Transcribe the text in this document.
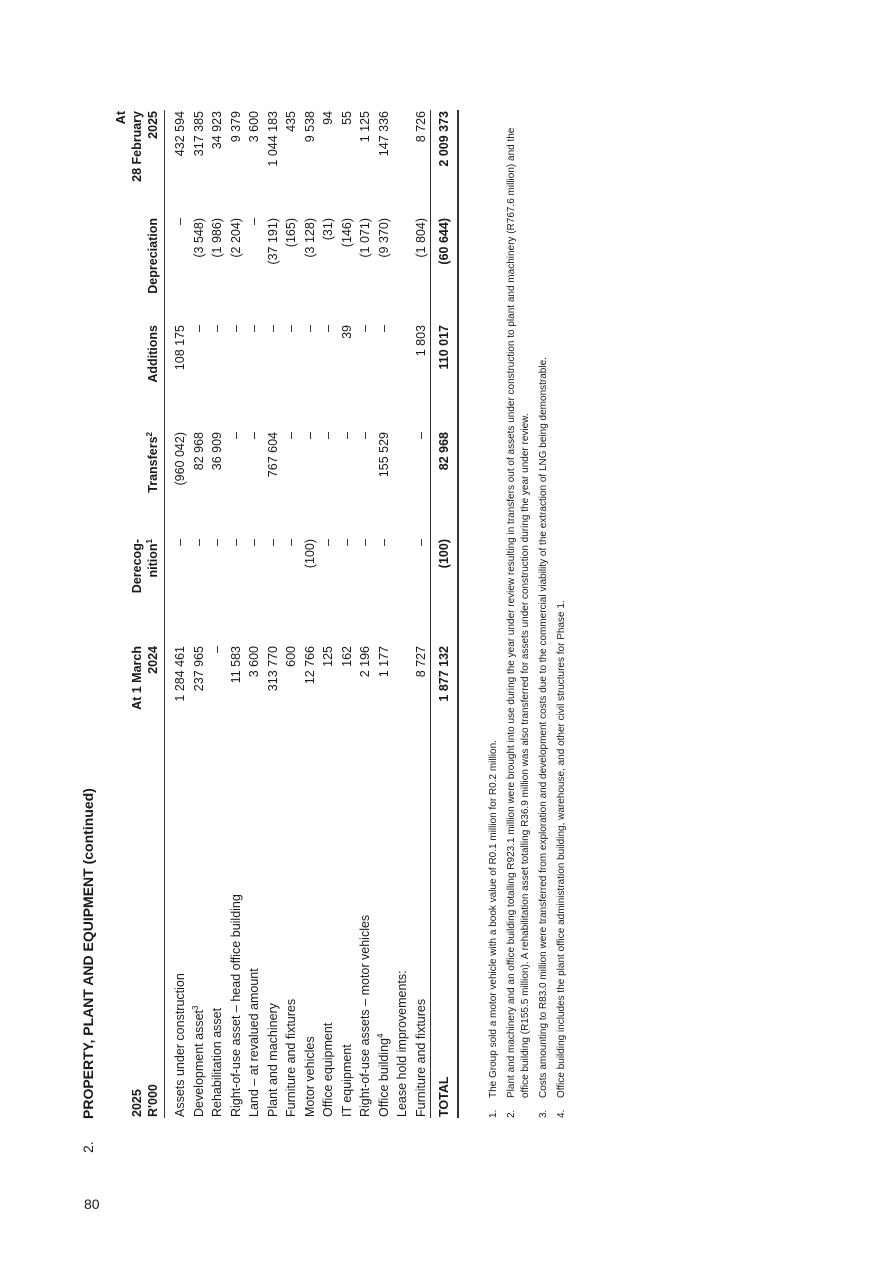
80
2.PROPERTY, PLANT AND EQUIPMENT (continued)	2025 R'000	At 1 March 2024	Derecog- nition$^1$	Transfers$^2$	Additions	Depreciation	At 28 February 2025

Assets under construction	1 284 461	–	(960 042)	108 175	–	432 594
Development asset$^3$	237 965	–	82 968	–	(3 548)	317 385
Rehabilitation asset	–	–	36 909	–	(1 986)	34 923
Right-of-use asset – head office building	11 583	–	–	–	(2 204)	9 379
Land – at revalued amount	3 600	–	–	–	–	3 600
Plant and machinery	313 770	–	767 604	–	(37 191)	1 044 183
Furniture and fixtures	600	–	–	–	(165)	435
Motor vehicles	12 766	(100)	–	–	(3 128)	9 538
Office equipment	125	–	–	–	(31)	94
IT equipment	162	–	–	39	(146)	55
Right-of-use assets – motor vehicles	2 196	–	–	–	(1 071)	1 125
Office building$^4$	1 177	–	155 529	–	(9 370)	147 336
Lease hold improvements:						
Furniture and fixtures	8 727	–	–	1 803	(1 804)	8 726
TOTAL	1 877 132	(100)	82 968	110 017	(60 644)	2 009 373
1.
The Group sold a motor vehicle with a book value of R0.1 million for R0.2 million.
2.
Plant and machinery and an office building totalling R923.1 million were brought into use during the year under review resulting in transfers out of assets under construction to plant and machinery (R767.6 million) and the office building (R155.5 million). A rehabilitation asset totalling R36.9 million was also transferred for assets under construction during the year under review.
3.
Costs amounting to R83.0 million were transferred from exploration and development costs due to the commercial viability of the extraction of LNG being demonstrable.
4.
Office building includes the plant office administration building, warehouse, and other civil structures for Phase 1.
